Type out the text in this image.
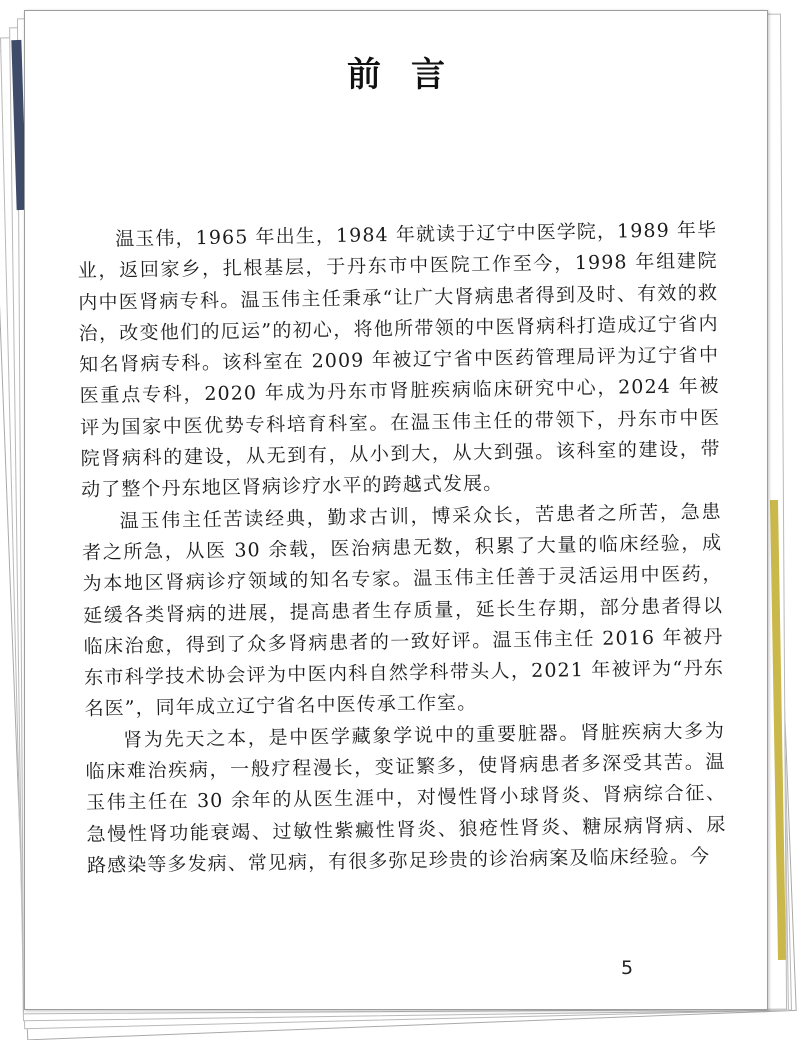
前言

温玉伟，1965 年出生，1984 年就读于辽宁中医学院，1989 年毕业，返回家乡，扎根基层，于丹东市中医院工作至今，1998 年组建院内中医肾病专科。温玉伟主任秉承“让广大肾病患者得到及时、有效的救治，改变他们的厄运”的初心，将他所带领的中医肾病科打造成辽宁省内知名肾病专科。该科室在 2009 年被辽宁省中医药管理局评为辽宁省中医重点专科，2020 年成为丹东市肾脏疾病临床研究中心，2024 年被评为国家中医优势专科培育科室。在温玉伟主任的带领下，丹东市中医院肾病科的建设，从无到有，从小到大，从大到强。该科室的建设，带动了整个丹东地区肾病诊疗水平的跨越式发展。

温玉伟主任苦读经典，勤求古训，博采众长，苦患者之所苦，急患者之所急，从医 30 余载，医治病患无数，积累了大量的临床经验，成为本地区肾病诊疗领域的知名专家。温玉伟主任善于灵活运用中医药，延缓各类肾病的进展，提高患者生存质量，延长生存期，部分患者得以临床治愈，得到了众多肾病患者的一致好评。温玉伟主任 2016 年被丹东市科学技术协会评为中医内科自然学科带头人，2021 年被评为“丹东名医”，同年成立辽宁省名中医传承工作室。

肾为先天之本，是中医学藏象学说中的重要脏器。肾脏疾病大多为临床难治疾病，一般疗程漫长，变证繁多，使肾病患者多深受其苦。温玉伟主任在 30 余年的从医生涯中，对慢性肾小球肾炎、肾病综合征、急慢性肾功能衰竭、过敏性紫癜性肾炎、狼疮性肾炎、糖尿病肾病、尿路感染等多发病、常见病，有很多弥足珍贵的诊治病案及临床经验。今

5
